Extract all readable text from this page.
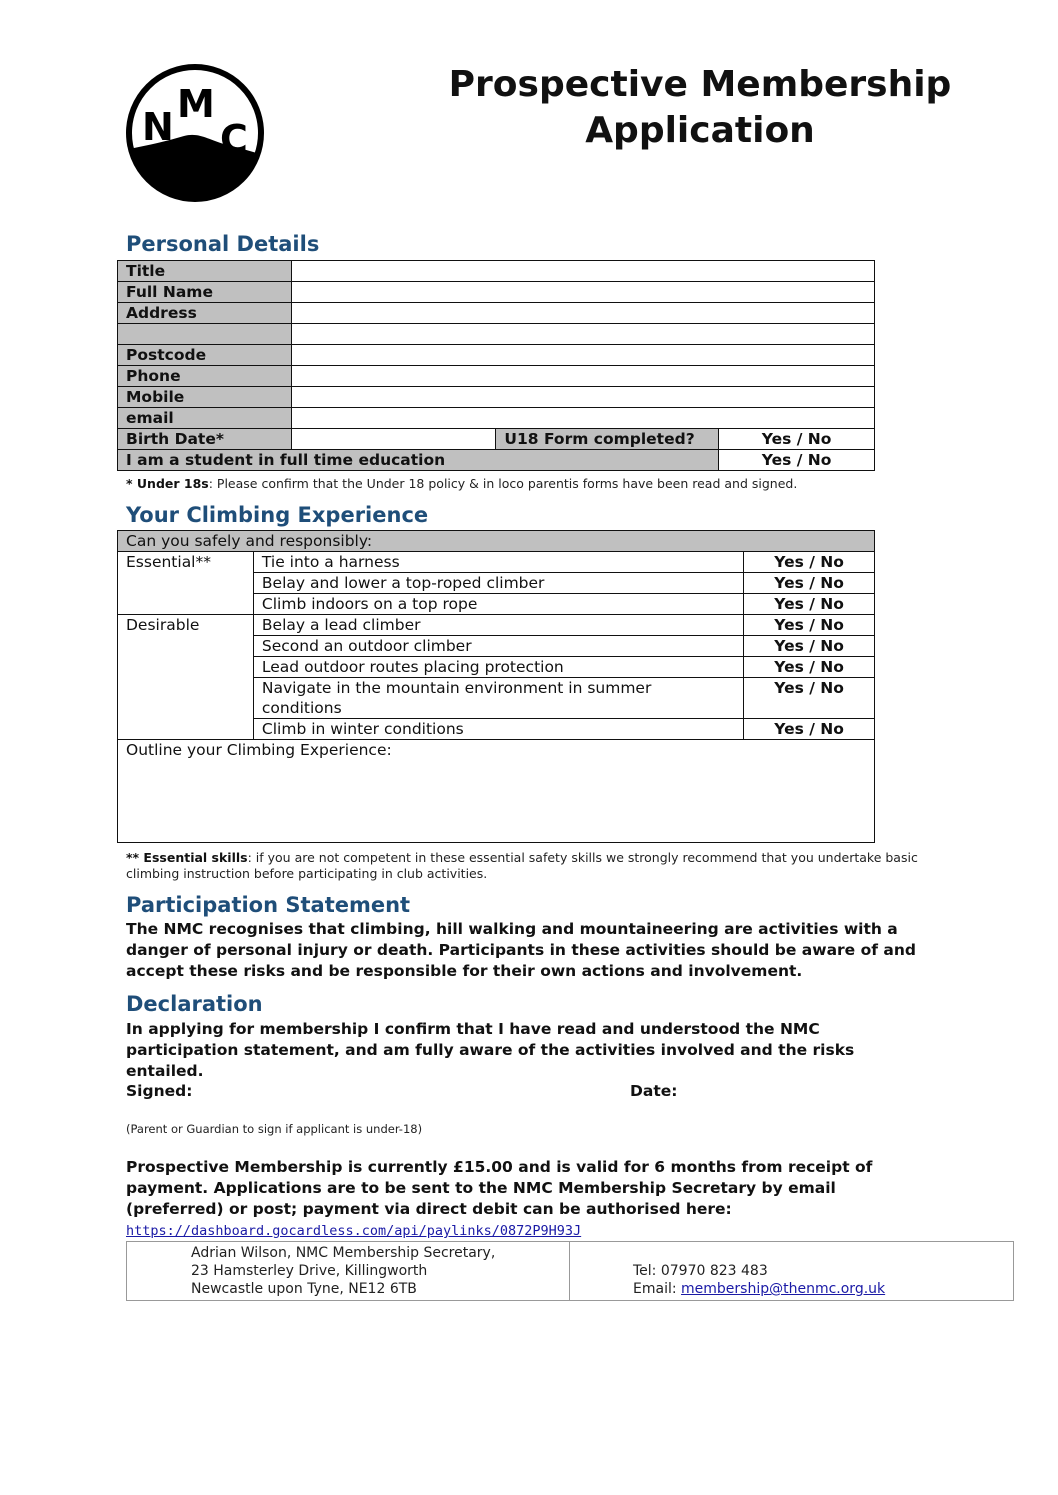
N
M
C
Prospective Membership
Application
Personal Details
Title			
Full Name			
Address			

Postcode			
Phone			
Mobile			
email			
Birth Date*		U18 Form completed?	Yes / No
I am a student in full time education			Yes / No
* Under 18s: Please confirm that the Under 18 policy & in loco parentis forms have been read and signed.
Your Climbing Experience
Can you safely and responsibly:		
Essential**	Tie into a harness	Yes / No
	Belay and lower a top-roped climber	Yes / No
	Climb indoors on a top rope	Yes / No
Desirable	Belay a lead climber	Yes / No
	Second an outdoor climber	Yes / No
	Lead outdoor routes placing protection	Yes / No
	Navigate in the mountain environment in summer conditions	Yes / No
	Climb in winter conditions	Yes / No
Outline your Climbing Experience:		
** Essential skills: if you are not competent in these essential safety skills we strongly recommend that you undertake basic climbing instruction before participating in club activities.
Participation Statement
The NMC recognises that climbing, hill walking and mountaineering are activities with a danger of personal injury or death. Participants in these activities should be aware of and accept these risks and be responsible for their own actions and involvement.
Declaration
In applying for membership I confirm that I have read and understood the NMC participation statement, and am fully aware of the activities involved and the risks entailed.
Signed:	Date:
(Parent or Guardian to sign if applicant is under-18)
Prospective Membership is currently £15.00 and is valid for 6 months from receipt of payment. Applications are to be sent to the NMC Membership Secretary by email (preferred) or post; payment via direct debit can be authorised here: https://dashboard.gocardless.com/api/paylinks/0872P9H93J
Adrian Wilson, NMC Membership Secretary,
23 Hamsterley Drive, Killingworth
Newcastle upon Tyne, NE12 6TB
Tel: 07970 823 483
Email: membership@thenmc.org.uk
